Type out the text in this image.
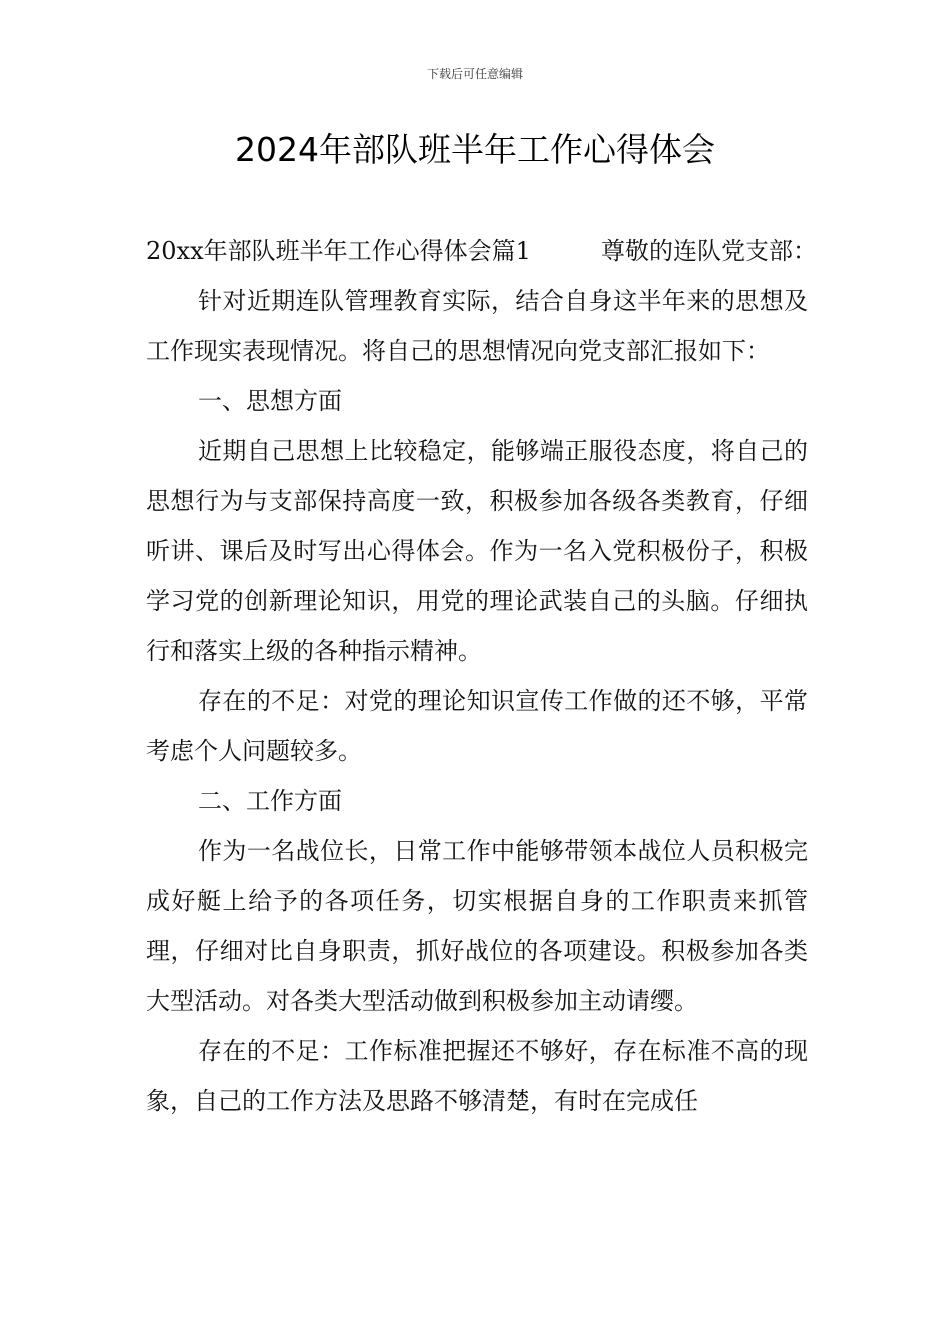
下载后可任意编辑
2024年部队班半年工作心得体会

20xx年部队班半年工作心得体会篇1	尊敬的连队党支部：

针对近期连队管理教育实际，结合自身这半年来的思想及工作现实表现情况。将自己的思想情况向党支部汇报如下：

一、思想方面

近期自己思想上比较稳定，能够端正服役态度，将自己的思想行为与支部保持高度一致，积极参加各级各类教育，仔细听讲、课后及时写出心得体会。作为一名入党积极份子，积极学习党的创新理论知识，用党的理论武装自己的头脑。仔细执行和落实上级的各种指示精神。

存在的不足：对党的理论知识宣传工作做的还不够，平常考虑个人问题较多。

二、工作方面

作为一名战位长，日常工作中能够带领本战位人员积极完成好艇上给予的各项任务，切实根据自身的工作职责来抓管理，仔细对比自身职责，抓好战位的各项建设。积极参加各类大型活动。对各类大型活动做到积极参加主动请缨。

存在的不足：工作标准把握还不够好，存在标准不高的现象，自己的工作方法及思路不够清楚，有时在完成任
